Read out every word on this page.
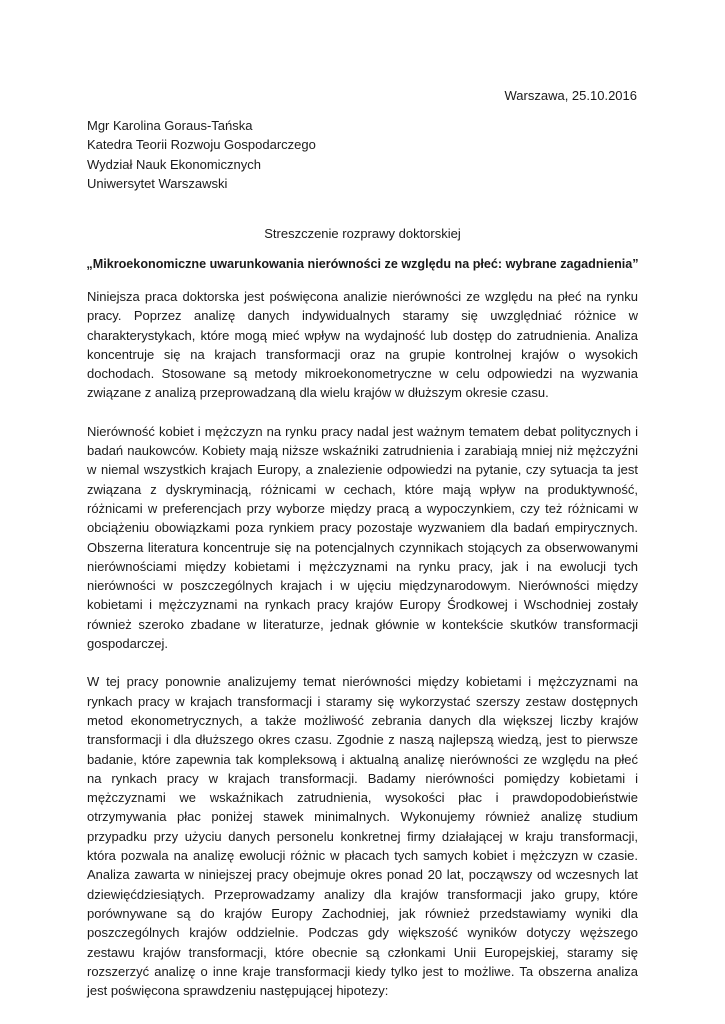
Warszawa, 25.10.2016
Mgr Karolina Goraus-Tańska
Katedra Teorii Rozwoju Gospodarczego
Wydział Nauk Ekonomicznych
Uniwersytet Warszawski
Streszczenie rozprawy doktorskiej
„Mikroekonomiczne uwarunkowania nierówności ze względu na płeć: wybrane zagadnienia”

Niniejsza praca doktorska jest poświęcona analizie nierówności ze względu na płeć na rynku pracy. Poprzez analizę danych indywidualnych staramy się uwzględniać różnice w charakterystykach, które mogą mieć wpływ na wydajność lub dostęp do zatrudnienia. Analiza koncentruje się na krajach transformacji oraz na grupie kontrolnej krajów o wysokich dochodach. Stosowane są metody mikroekonometryczne w celu odpowiedzi na wyzwania związane z analizą przeprowadzaną dla wielu krajów w dłuższym okresie czasu.

Nierówność kobiet i mężczyzn na rynku pracy nadal jest ważnym tematem debat politycznych i badań naukowców. Kobiety mają niższe wskaźniki zatrudnienia i zarabiają mniej niż mężczyźni w niemal wszystkich krajach Europy, a znalezienie odpowiedzi na pytanie, czy sytuacja ta jest związana z dyskryminacją, różnicami w cechach, które mają wpływ na produktywność, różnicami w preferencjach przy wyborze między pracą a wypoczynkiem, czy też różnicami w obciążeniu obowiązkami poza rynkiem pracy pozostaje wyzwaniem dla badań empirycznych. Obszerna literatura koncentruje się na potencjalnych czynnikach stojących za obserwowanymi nierównościami między kobietami i mężczyznami na rynku pracy, jak i na ewolucji tych nierówności w poszczególnych krajach i w ujęciu międzynarodowym. Nierówności między kobietami i mężczyznami na rynkach pracy krajów Europy Środkowej i Wschodniej zostały również szeroko zbadane w literaturze, jednak głównie w kontekście skutków transformacji gospodarczej.

W tej pracy ponownie analizujemy temat nierówności między kobietami i mężczyznami na rynkach pracy w krajach transformacji i staramy się wykorzystać szerszy zestaw dostępnych metod ekonometrycznych, a także możliwość zebrania danych dla większej liczby krajów transformacji i dla dłuższego okres czasu. Zgodnie z naszą najlepszą wiedzą, jest to pierwsze badanie, które zapewnia tak kompleksową i aktualną analizę nierówności ze względu na płeć na rynkach pracy w krajach transformacji. Badamy nierówności pomiędzy kobietami i mężczyznami we wskaźnikach zatrudnienia, wysokości płac i prawdopodobieństwie otrzymywania płac poniżej stawek minimalnych. Wykonujemy również analizę studium przypadku przy użyciu danych personelu konkretnej firmy działającej w kraju transformacji, która pozwala na analizę ewolucji różnic w płacach tych samych kobiet i mężczyzn w czasie. Analiza zawarta w niniejszej pracy obejmuje okres ponad 20 lat, począwszy od wczesnych lat dziewięćdziesiątych. Przeprowadzamy analizy dla krajów transformacji jako grupy, które porównywane są do krajów Europy Zachodniej, jak również przedstawiamy wyniki dla poszczególnych krajów oddzielnie. Podczas gdy większość wyników dotyczy węższego zestawu krajów transformacji, które obecnie są członkami Unii Europejskiej, staramy się rozszerzyć analizę o inne kraje transformacji kiedy tylko jest to możliwe. Ta obszerna analiza jest poświęcona sprawdzeniu następującej hipotezy:
